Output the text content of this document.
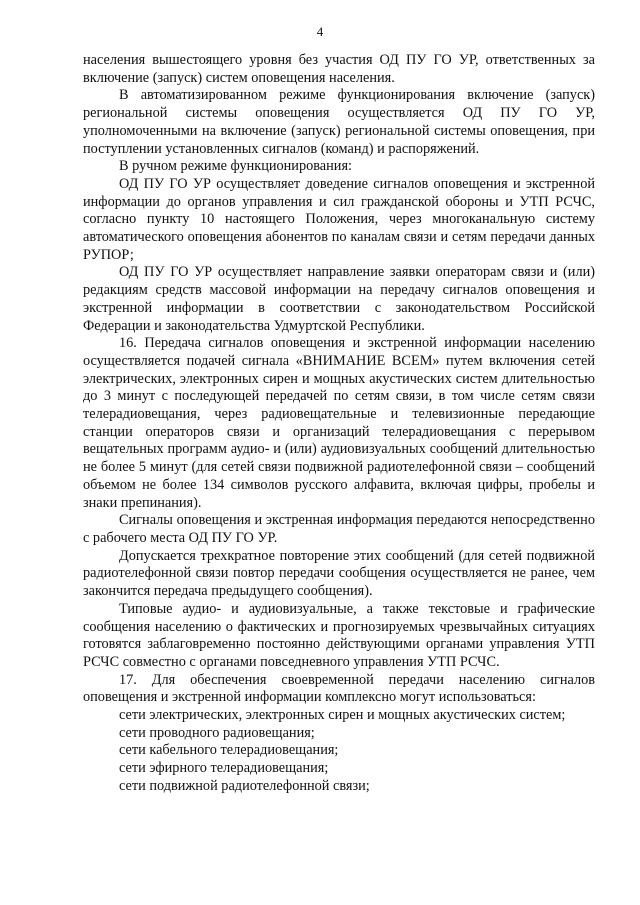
4

населения вышестоящего уровня без участия ОД ПУ ГО УР, ответственных за включение (запуск) систем оповещения населения.

В автоматизированном режиме функционирования включение (запуск) региональной системы оповещения осуществляется ОД ПУ ГО УР, уполномоченными на включение (запуск) региональной системы оповещения, при поступлении установленных сигналов (команд) и распоряжений.

В ручном режиме функционирования:

ОД ПУ ГО УР осуществляет доведение сигналов оповещения и экстренной информации до органов управления и сил гражданской обороны и УТП РСЧС, согласно пункту 10 настоящего Положения, через многоканальную систему автоматического оповещения абонентов по каналам связи и сетям передачи данных РУПОР;

ОД ПУ ГО УР осуществляет направление заявки операторам связи и (или) редакциям средств массовой информации на передачу сигналов оповещения и экстренной информации в соответствии с законодательством Российской Федерации и законодательства Удмуртской Республики.

16. Передача сигналов оповещения и экстренной информации населению осуществляется подачей сигнала «ВНИМАНИЕ ВСЕМ» путем включения сетей электрических, электронных сирен и мощных акустических систем длительностью до 3 минут с последующей передачей по сетям связи, в том числе сетям связи телерадиовещания, через радиовещательные и телевизионные передающие станции операторов связи и организаций телерадиовещания с перерывом вещательных программ аудио- и (или) аудиовизуальных сообщений длительностью не более 5 минут (для сетей связи подвижной радиотелефонной связи – сообщений объемом не более 134 символов русского алфавита, включая цифры, пробелы и знаки препинания).

Сигналы оповещения и экстренная информация передаются непосредственно с рабочего места ОД ПУ ГО УР.

Допускается трехкратное повторение этих сообщений (для сетей подвижной радиотелефонной связи повтор передачи сообщения осуществляется не ранее, чем закончится передача предыдущего сообщения).

Типовые аудио- и аудиовизуальные, а также текстовые и графические сообщения населению о фактических и прогнозируемых чрезвычайных ситуациях готовятся заблаговременно постоянно действующими органами управления УТП РСЧС совместно с органами повседневного управления УТП РСЧС.

17. Для обеспечения своевременной передачи населению сигналов оповещения и экстренной информации комплексно могут использоваться:

сети электрических, электронных сирен и мощных акустических систем;

сети проводного радиовещания;

сети кабельного телерадиовещания;

сети эфирного телерадиовещания;

сети подвижной радиотелефонной связи;
